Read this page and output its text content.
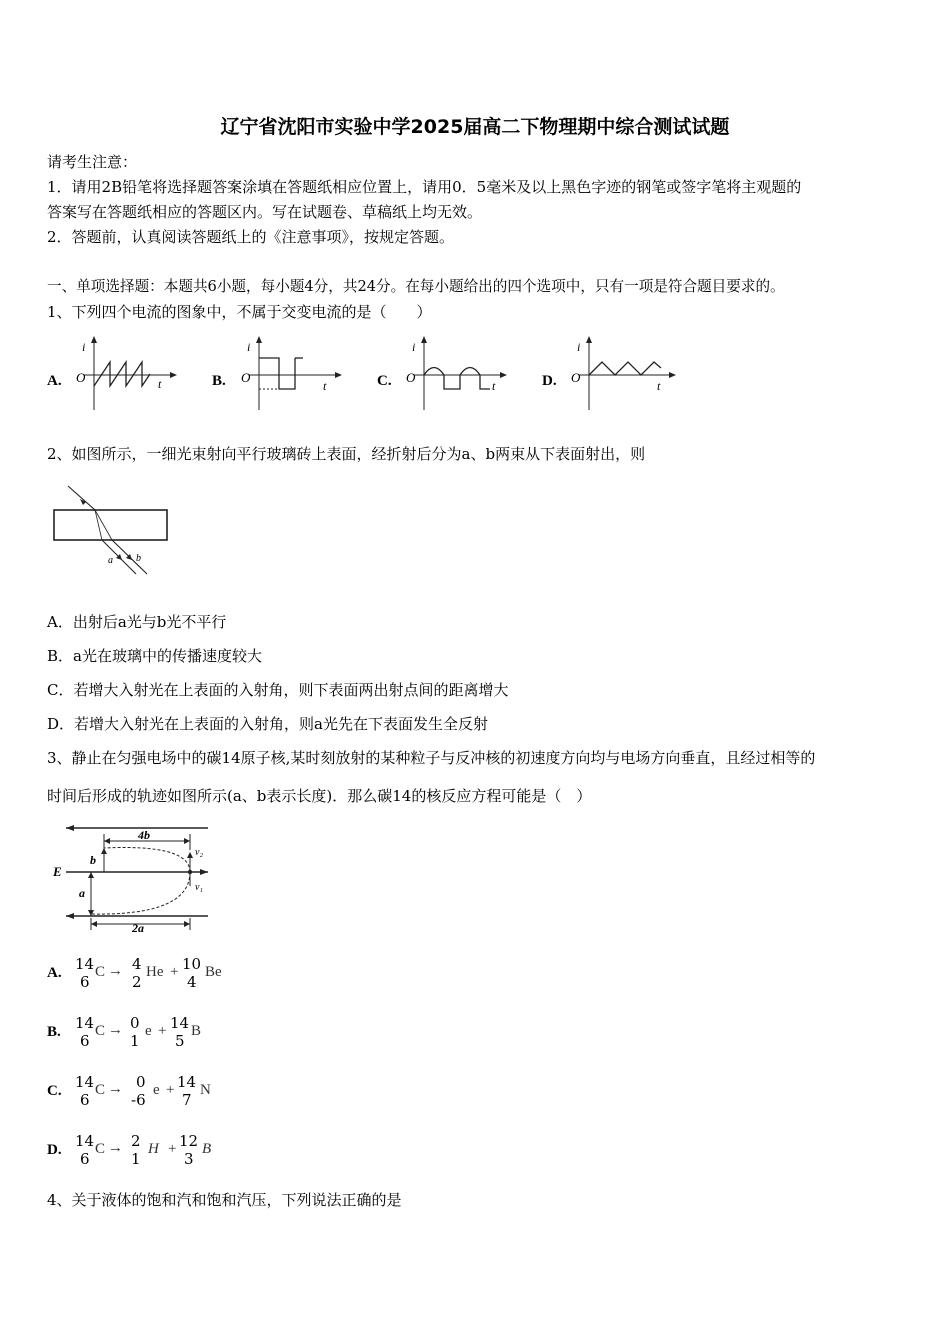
辽宁省沈阳市实验中学2025届高二下物理期中综合测试试题
请考生注意：
1．请用2B铅笔将选择题答案涂填在答题纸相应位置上，请用0．5毫米及以上黑色字迹的钢笔或签字笔将主观题的
答案写在答题纸相应的答题区内。写在试题卷、草稿纸上均无效。
2．答题前，认真阅读答题纸上的《注意事项》，按规定答题。
一、单项选择题：本题共6小题，每小题4分，共24分。在每小题给出的四个选项中，只有一项是符合题目要求的。
1、下列四个电流的图象中，不属于交变电流的是（　　）
A.
i
O	t	B.
i
O
t	C.
i
O
t	D.
i
O
t
2、如图所示，一细光束射向平行玻璃砖上表面，经折射后分为a、b两束从下表面射出，则
a b
A．出射后a光与b光不平行
B．a光在玻璃中的传播速度较大
C．若增大入射光在上表面的入射角，则下表面两出射点间的距离增大
D．若增大入射光在上表面的入射角，则a光先在下表面发生全反射
3、静止在匀强电场中的碳14原子核,某时刻放射的某种粒子与反冲核的初速度方向均与电场方向垂直，且经过相等的
时间后形成的轨迹如图所示(a、b表示长度)．那么碳14的核反应方程可能是（　）
4b
b
a
E
v₂
v₁
2a
A. 14
6
C → 4
2
He + 10
4
Be
B. 14
6
C → 0
1
e + 14
5
B
C. 14
6
C → 0
-6
e + 14
7
N
D. 14
6
C → 2
1
H + 12
3
B
4、关于液体的饱和汽和饱和汽压，下列说法正确的是
